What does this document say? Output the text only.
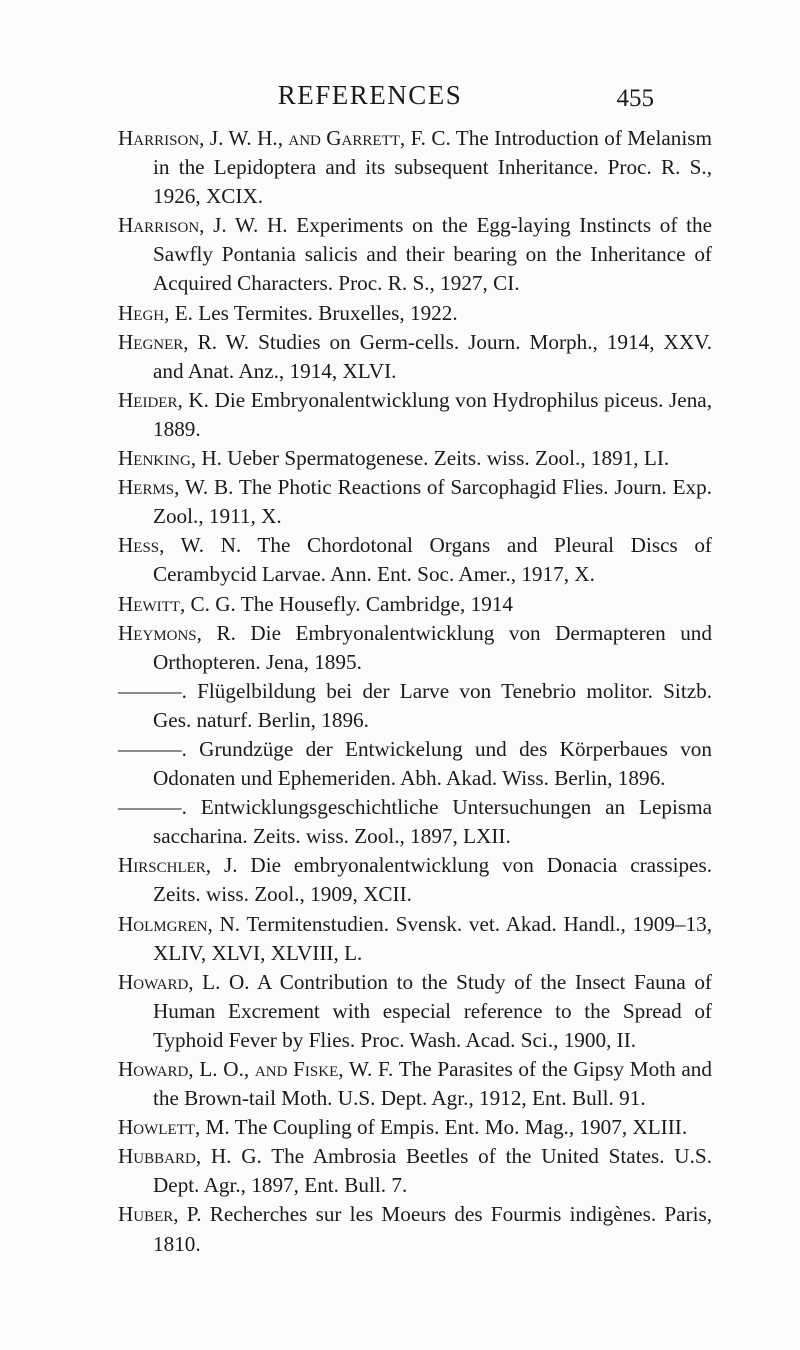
REFERENCES	455

Harrison, J. W. H., and Garrett, F. C. The Introduction of Melanism in the Lepidoptera and its subsequent Inheritance. Proc. R. S., 1926, XCIX.

Harrison, J. W. H. Experiments on the Egg-laying Instincts of the Sawfly Pontania salicis and their bearing on the Inheritance of Acquired Characters. Proc. R. S., 1927, CI.

Hegh, E. Les Termites. Bruxelles, 1922.

Hegner, R. W. Studies on Germ-cells. Journ. Morph., 1914, XXV. and Anat. Anz., 1914, XLVI.

Heider, K. Die Embryonalentwicklung von Hydrophilus piceus. Jena, 1889.

Henking, H. Ueber Spermatogenese. Zeits. wiss. Zool., 1891, LI.

Herms, W. B. The Photic Reactions of Sarcophagid Flies. Journ. Exp. Zool., 1911, X.

Hess, W. N. The Chordotonal Organs and Pleural Discs of Cerambycid Larvae. Ann. Ent. Soc. Amer., 1917, X.

Hewitt, C. G. The Housefly. Cambridge, 1914

Heymons, R. Die Embryonalentwicklung von Dermapteren und Orthopteren. Jena, 1895.

———. Flügelbildung bei der Larve von Tenebrio molitor. Sitzb. Ges. naturf. Berlin, 1896.

———. Grundzüge der Entwickelung und des Körperbaues von Odonaten und Ephemeriden. Abh. Akad. Wiss. Berlin, 1896.

———. Entwicklungsgeschichtliche Untersuchungen an Lepisma saccharina. Zeits. wiss. Zool., 1897, LXII.

Hirschler, J. Die embryonalentwicklung von Donacia crassipes. Zeits. wiss. Zool., 1909, XCII.

Holmgren, N. Termitenstudien. Svensk. vet. Akad. Handl., 1909–13, XLIV, XLVI, XLVIII, L.

Howard, L. O. A Contribution to the Study of the Insect Fauna of Human Excrement with especial reference to the Spread of Typhoid Fever by Flies. Proc. Wash. Acad. Sci., 1900, II.

Howard, L. O., and Fiske, W. F. The Parasites of the Gipsy Moth and the Brown-tail Moth. U.S. Dept. Agr., 1912, Ent. Bull. 91.

Howlett, M. The Coupling of Empis. Ent. Mo. Mag., 1907, XLIII.

Hubbard, H. G. The Ambrosia Beetles of the United States. U.S. Dept. Agr., 1897, Ent. Bull. 7.

Huber, P. Recherches sur les Moeurs des Fourmis indigènes. Paris, 1810.
